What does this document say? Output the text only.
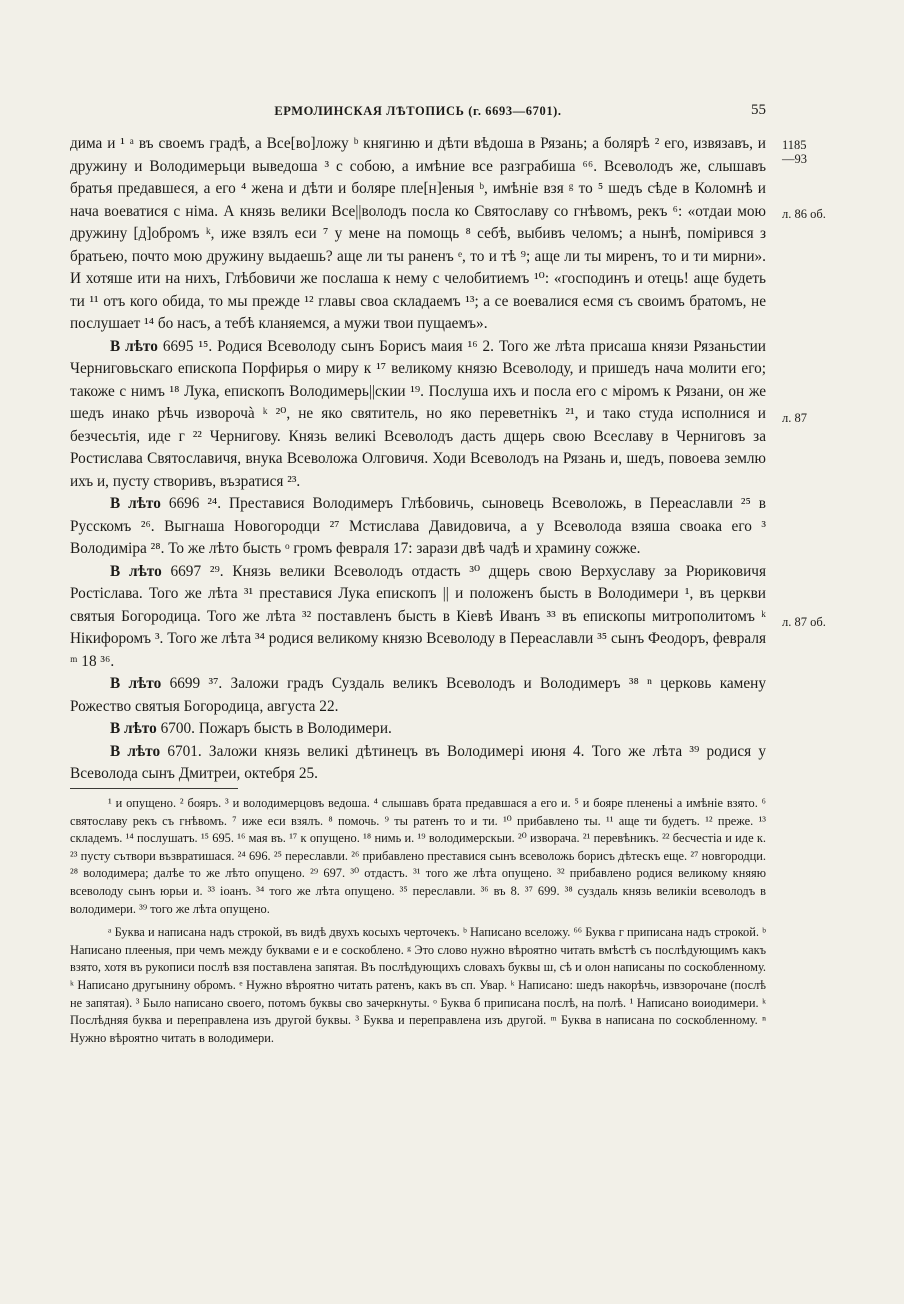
ЕРМОЛИНСКАЯ ЛѢТОПИСЬ (г. 6693—6701).	55
1185 —93
л. 86 об.
л. 87
л. 87 об.

дима и ¹ ᵃ въ своемъ градѣ, а Все[во]ложу ᵇ княгиню и дѣти вѣдоша в Рязань; а болярѣ ² его, извязавъ, и дружину и Володимерьци выведоша ³ с собою, а имѣние все разграбиша ⁶⁶. Всеволодъ же, слышавъ братья предавшеся, а его ⁴ жена и дѣти и боляре пле[н]еныя ᵇ, имѣніе взя ᵍ то ⁵ шедъ сѣде в Коломнѣ и нача воеватися с німа. А князь велики Все||володъ посла ко Святославу со гнѣвомъ, рекъ ⁶: «отдаи мою дружину [д]обромъ ᵏ, иже взялъ еси ⁷ у мене на помощь ⁸ себѣ, выбивъ челомъ; а нынѣ, помірився з братьею, почто мою дружину выдаешь? аще ли ты раненъ ᵉ, то и тѣ ⁹; аще ли ты миренъ, то и ти мирни». И хотяше ити на нихъ, Глѣбовичи же послаша к нему с челобитиемъ ¹⁰: «господинъ и отець! аще будеть ти ¹¹ отъ кого обида, то мы прежде ¹² главы своа складаемъ ¹³; а се воевалися есмя съ своимъ братомъ, не послушает ¹⁴ бо насъ, а тебѣ кланяемся, а мужи твои пущаемъ».

В лѣто 6695 ¹⁵. Родися Всеволоду сынъ Борисъ маия ¹⁶ 2. Того же лѣта присаша князи Рязаньстии Черниговьскаго епископа Порфирья о миру к ¹⁷ великому князю Всеволоду, и пришедъ нача молити его; такоже с нимъ ¹⁸ Лука, епископъ Володимерь||скии ¹⁹. Послуша ихъ и посла его с міромъ к Рязани, он же шедъ инако рѣчь изворочà ᵏ ²⁰, не яко святитель, но яко переветнікъ ²¹, и тако студа исполнися и безчесьтія, иде г ²² Чернигову. Князь великі Всеволодъ дасть дщерь свою Всеславу в Черниговъ за Ростислава Святославичя, внука Всеволожа Олговичя. Ходи Всеволодъ на Рязань и, шедъ, повоева землю ихъ и, пусту створивъ, възратися ²³.

В лѣто 6696 ²⁴. Преставися Володимеръ Глѣбовичь, сыновець Всеволожь, в Переаславли ²⁵ в Русскомъ ²⁶. Выгнаша Новогородци ²⁷ Мстислава Давидовича, а у Всеволода взяша своака его ³ Володиміра ²⁸. То же лѣто бысть ᵒ громъ февраля 17: зарази двѣ чадѣ и храмину сожже.

В лѣто 6697 ²⁹. Князь велики Всеволодъ отдасть ³⁰ дщерь свою Верхуславу за Рюриковичя Ростіслава. Того же лѣта ³¹ преставися Лука епископъ || и положенъ бысть в Володимери ¹, въ церкви святыя Богородица. Того же лѣта ³² поставленъ бысть в Кіевѣ Иванъ ³³ въ епископы митрополитомъ ᵏ Нікифоромъ ³. Того же лѣта ³⁴ родися великому князю Всеволоду в Переаславли ³⁵ сынъ Феодоръ, февраля ᵐ 18 ³⁶.

В лѣто 6699 ³⁷. Заложи градъ Суздаль великъ Всеволодъ и Володимеръ ³⁸ ⁿ церковь камену Рожество святыя Богородица, августа 22.

В лѣто 6700. Пожаръ бысть в Володимери.

В лѣто 6701. Заложи князь великі дѣтинецъ въ Володимері июня 4. Того же лѣта ³⁹ родися у Всеволода сынъ Дмитреи, октебря 25.

¹ и опущено. ² бояръ. ³ и володимерцовъ ведоша. ⁴ слышавъ брата предавшася а его и. ⁵ и бояре плененьі а имѣніе взято. ⁶ святославу рекъ съ гнѣвомъ. ⁷ иже еси взялъ. ⁸ помочь. ⁹ ты ратенъ то и ти. ¹⁰ прибавлено ты. ¹¹ аще ти будетъ. ¹² преже. ¹³ складемъ. ¹⁴ послушатъ. ¹⁵ 695. ¹⁶ мая въ. ¹⁷ к опущено. ¹⁸ нимь и. ¹⁹ володимерскыи. ²⁰ изворача. ²¹ перевѣникъ. ²² бесчестіа и иде к. ²³ пусту сътвори възвратишася. ²⁴ 696. ²⁵ переславли. ²⁶ прибавлено преставися сынъ всеволожь борисъ дѣтескъ еще. ²⁷ новгородци. ²⁸ володимера; далѣе то же лѣто опущено. ²⁹ 697. ³⁰ отдастъ. ³¹ того же лѣта опущено. ³² прибавлено родися великому княяю всеволоду сынъ юрьи и. ³³ іоанъ. ³⁴ того же лѣта опущено. ³⁵ переславли. ³⁶ въ 8. ³⁷ 699. ³⁸ суздаль князь великіи всеволодъ в володимери. ³⁹ того же лѣта опущено.

ᵃ Буква и написана надъ строкой, въ видѣ двухъ косыхъ черточекъ. ᵇ Написано вселожу. ⁶⁶ Буква г приписана надъ строкой. ᵇ Написано плееныя, при чемъ между буквами е и е соскоблено. ᵍ Это слово нужно вѣроятно читать вмѣстѣ съ послѣдующимъ какъ взято, хотя въ рукописи послѣ взя поставлена запятая. Въ послѣдующихъ словахъ буквы ш, сѣ и олон написаны по соскобленному. ᵏ Написано другынину обромъ. ᵉ Нужно вѣроятно читать ратенъ, какъ въ сп. Увар. ᵏ Написано: шедъ накорѣчь, извзорочане (послѣ не запятая). ³ Было написано своего, потомъ буквы сво зачеркнуты. ᵒ Буква б приписана послѣ, на полѣ. ¹ Написано воиодимери. ᵏ Послѣдняя буква и переправлена изъ другой буквы. ³ Буква и переправлена изъ другой. ᵐ Буква в написана по соскобленному. ⁿ Нужно вѣроятно читать в володимери.
